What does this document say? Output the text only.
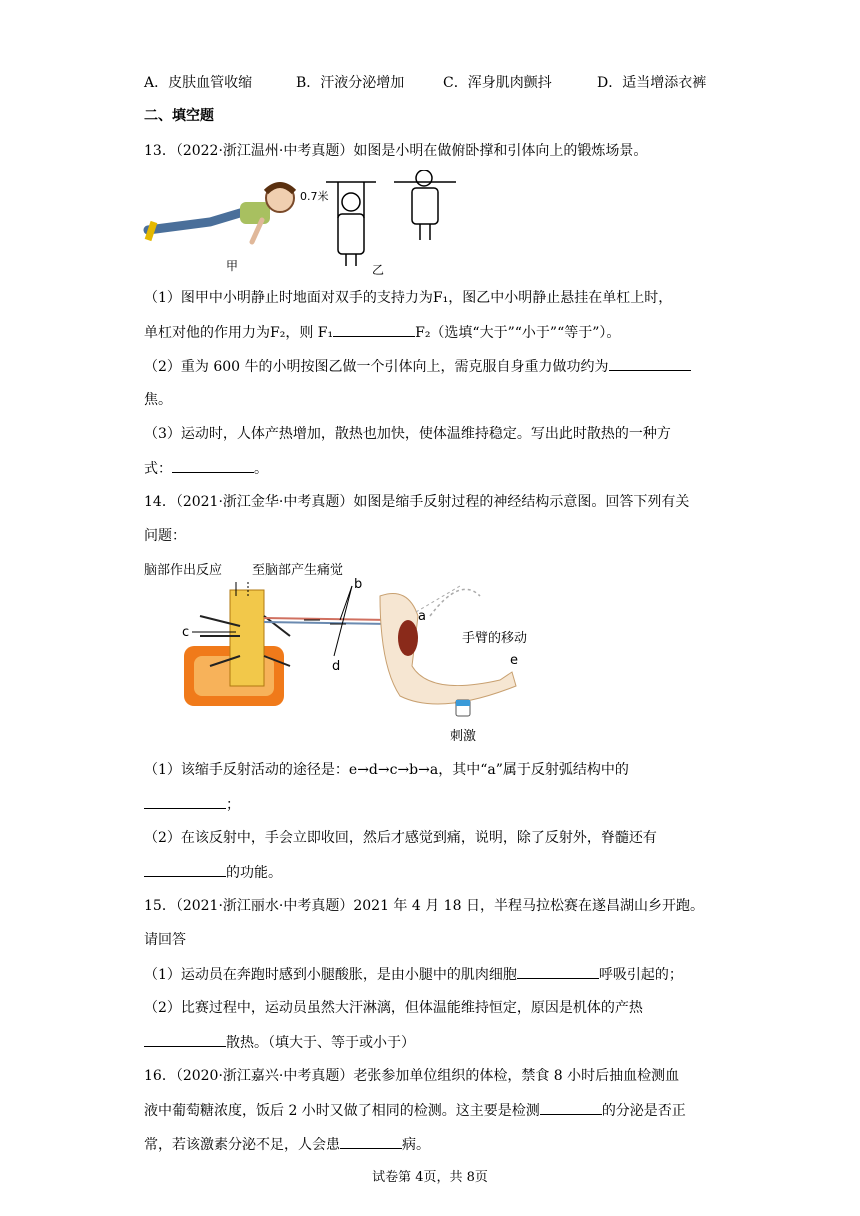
A．皮肤血管收缩	B．汗液分泌增加	C．浑身肌肉颤抖	D．适当增添衣裤
二、填空题
13．（2022·浙江温州·中考真题）如图是小明在做俯卧撑和引体向上的锻炼场景。
甲
0.7米
乙
（1）图甲中小明静止时地面对双手的支持力为F₁，图乙中小明静止悬挂在单杠上时，
单杠对他的作用力为F₂，则 F₁	F₂（选填“大于”“小于”“等于”）。
（2）重为 600 牛的小明按图乙做一个引体向上，需克服自身重力做功约为
焦。
（3）运动时，人体产热增加，散热也加快，使体温维持稳定。写出此时散热的一种方
式：	。
14．（2021·浙江金华·中考真题）如图是缩手反射过程的神经结构示意图。回答下列有关
问题：
脑部作出反应 至脑部产生痛觉
b
d
c
a
手臂的移动
e
刺激
（1）该缩手反射活动的途径是：e→d→c→b→a，其中“a”属于反射弧结构中的
；
（2）在该反射中，手会立即收回，然后才感觉到痛，说明，除了反射外，脊髓还有
的功能。
15．（2021·浙江丽水·中考真题）2021 年 4 月 18 日，半程马拉松赛在遂昌湖山乡开跑。
请回答
（1）运动员在奔跑时感到小腿酸胀，是由小腿中的肌肉细胞	呼吸引起的；
（2）比赛过程中，运动员虽然大汗淋漓，但体温能维持恒定，原因是机体的产热
散热。（填大于、等于或小于）
16．（2020·浙江嘉兴·中考真题）老张参加单位组织的体检，禁食 8 小时后抽血检测血
液中葡萄糖浓度，饭后 2 小时又做了相同的检测。这主要是检测	的分泌是否正
常，若该激素分泌不足，人会患	病。
试卷第 4页，共 8页
